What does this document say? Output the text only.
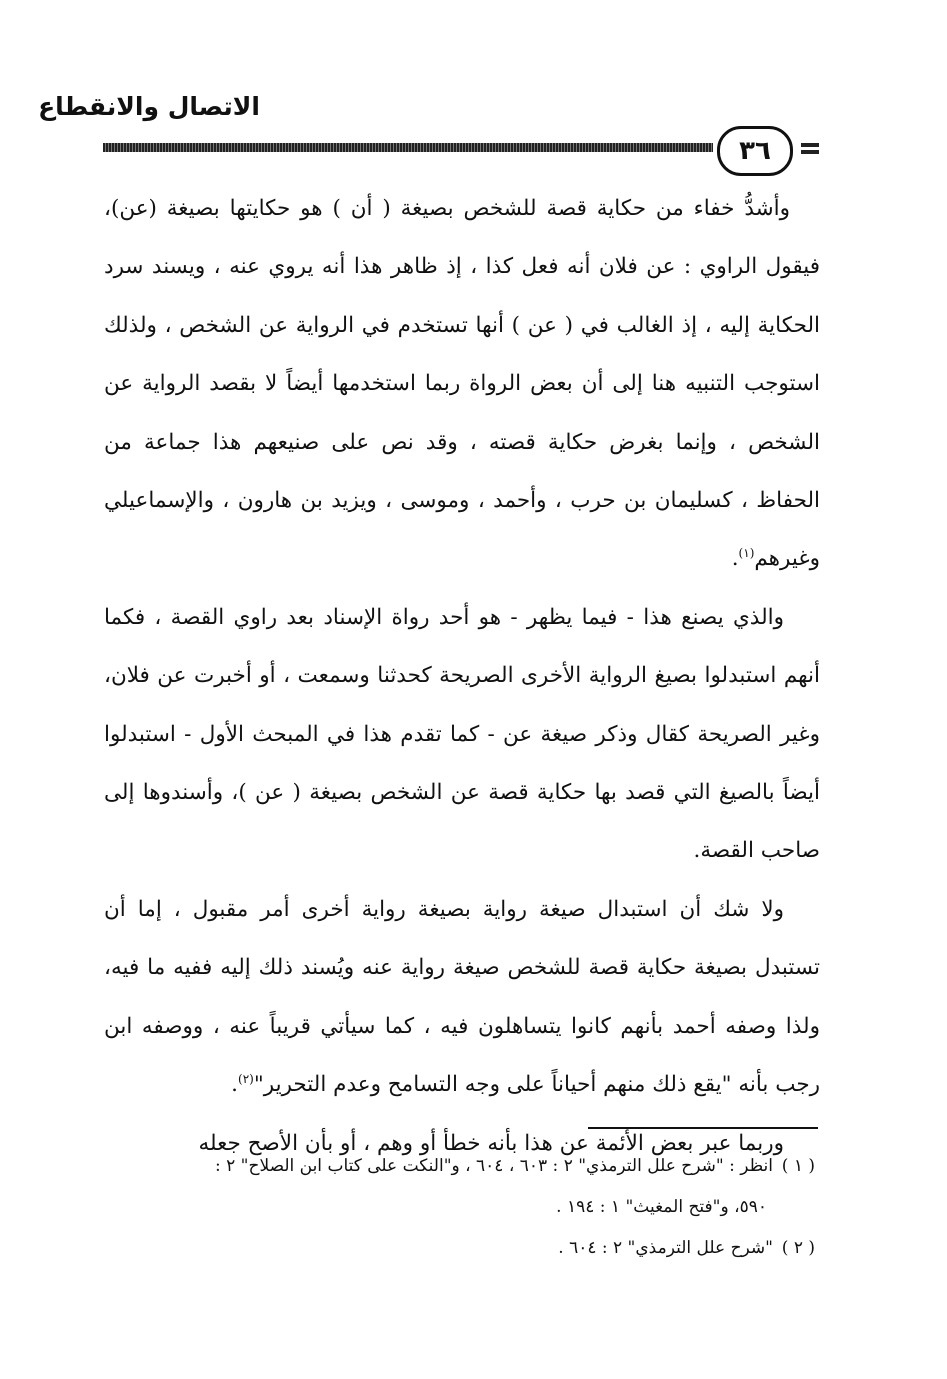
الاتصال والانقطاع
٣٦

وأشدُّ خفاء من حكاية قصة للشخص بصيغة ( أن ) هو حكايتها بصيغة (عن)، فيقول الراوي : عن فلان أنه فعل كذا ، إذ ظاهر هذا أنه يروي عنه ، ويسند سرد الحكاية إليه ، إذ الغالب في ( عن ) أنها تستخدم في الرواية عن الشخص ، ولذلك استوجب التنبيه هنا إلى أن بعض الرواة ربما استخدمها أيضاً لا بقصد الرواية عن الشخص ، وإنما بغرض حكاية قصته ، وقد نص على صنيعهم هذا جماعة من الحفاظ ، كسليمان بن حرب ، وأحمد ، وموسى ، ويزيد بن هارون ، والإسماعيلي وغيرهم$^{(١)}$.

والذي يصنع هذا - فيما يظهر - هو أحد رواة الإسناد بعد راوي القصة ، فكما أنهم استبدلوا بصيغ الرواية الأخرى الصريحة كحدثنا وسمعت ، أو أخبرت عن فلان، وغير الصريحة كقال وذكر صيغة عن - كما تقدم هذا في المبحث الأول - استبدلوا أيضاً بالصيغ التي قصد بها حكاية قصة عن الشخص بصيغة ( عن )، وأسندوها إلى صاحب القصة.

ولا شك أن استبدال صيغة رواية بصيغة رواية أخرى أمر مقبول ، إما أن تستبدل بصيغة حكاية قصة للشخص صيغة رواية عنه ويُسند ذلك إليه ففيه ما فيه، ولذا وصفه أحمد بأنهم كانوا يتساهلون فيه ، كما سيأتي قريباً عنه ، ووصفه ابن رجب بأنه "يقع ذلك منهم أحياناً على وجه التسامح وعدم التحرير"$^{(٢)}$.

وربما عبر بعض الأئمة عن هذا بأنه خطأ أو وهم ، أو بأن الأصح جعله

( ١ )انظر : "شرح علل الترمذي" ٢ : ٦٠٣ ، ٦٠٤ ، و"النكت على كتاب ابن الصلاح" ٢ :
٥٩٠، و"فتح المغيث" ١ : ١٩٤ .
( ٢ )"شرح علل الترمذي" ٢ : ٦٠٤ .
